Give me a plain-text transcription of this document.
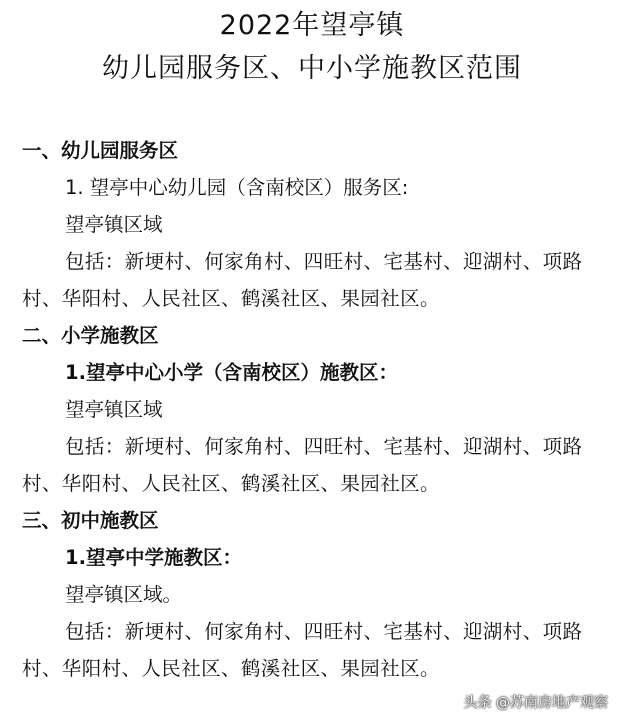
2022年望亭镇
幼儿园服务区、中小学施教区范围
一、幼儿园服务区
1. 望亭中心幼儿园（含南校区）服务区:
望亭镇区域
包括：新埂村、何家角村、四旺村、宅基村、迎湖村、项路村、华阳村、人民社区、鹤溪社区、果园社区。
二、小学施教区
1.望亭中心小学（含南校区）施教区：
望亭镇区域
包括：新埂村、何家角村、四旺村、宅基村、迎湖村、项路村、华阳村、人民社区、鹤溪社区、果园社区。
三、初中施教区
1.望亭中学施教区：
望亭镇区域。
包括：新埂村、何家角村、四旺村、宅基村、迎湖村、项路村、华阳村、人民社区、鹤溪社区、果园社区。
头条 @苏南房地产观察
